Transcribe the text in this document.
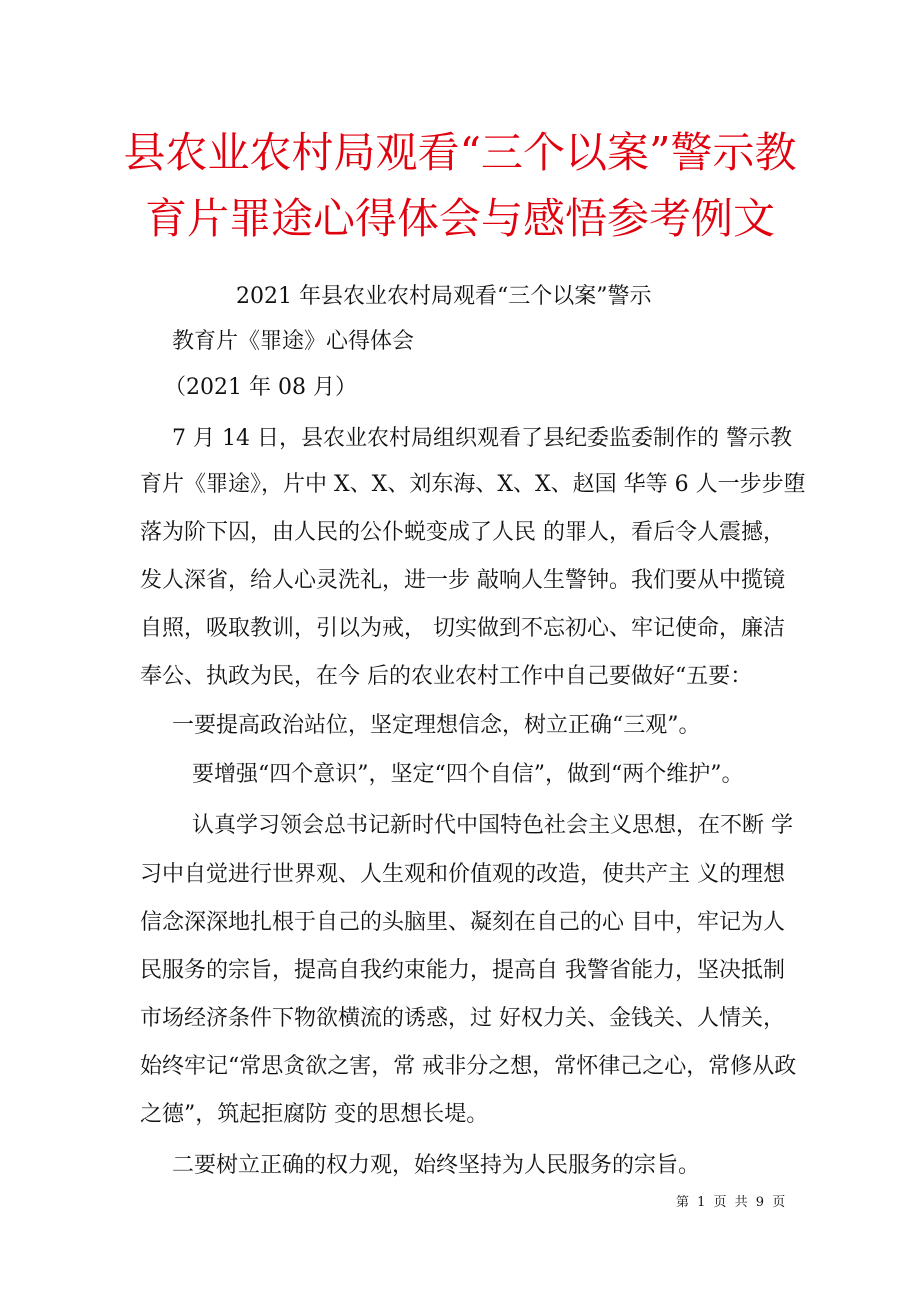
县农业农村局观看“三个以案”警示教
育片罪途心得体会与感悟参考例文
2021 年县农业农村局观看“三个以案”警示
教育片《罪途》心得体会
（2021 年 08 月）
7 月 14 日，县农业农村局组织观看了县纪委监委制作的 警示教
育片《罪途》，片中 X、X、刘东海、X、X、赵国 华等 6 人一步步堕
落为阶下囚，由人民的公仆蜕变成了人民 的罪人，看后令人震撼，
发人深省，给人心灵洗礼，进一步 敲响人生警钟。我们要从中揽镜
自照，吸取教训，引以为戒， 切实做到不忘初心、牢记使命，廉洁
奉公、执政为民，在今 后的农业农村工作中自己要做好“五要：
一要提高政治站位，坚定理想信念，树立正确“三观”。
要增强“四个意识”，坚定“四个自信”，做到“两个维护”。
认真学习领会总书记新时代中国特色社会主义思想，在不断 学
习中自觉进行世界观、人生观和价值观的改造，使共产主 义的理想
信念深深地扎根于自己的头脑里、凝刻在自己的心 目中，牢记为人
民服务的宗旨，提高自我约束能力，提高自 我警省能力，坚决抵制
市场经济条件下物欲横流的诱惑，过 好权力关、金钱关、人情关，
始终牢记“常思贪欲之害，常 戒非分之想，常怀律己之心，常修从政
之德”，筑起拒腐防 变的思想长堤。
二要树立正确的权力观，始终坚持为人民服务的宗旨。
第 1 页 共 9 页
